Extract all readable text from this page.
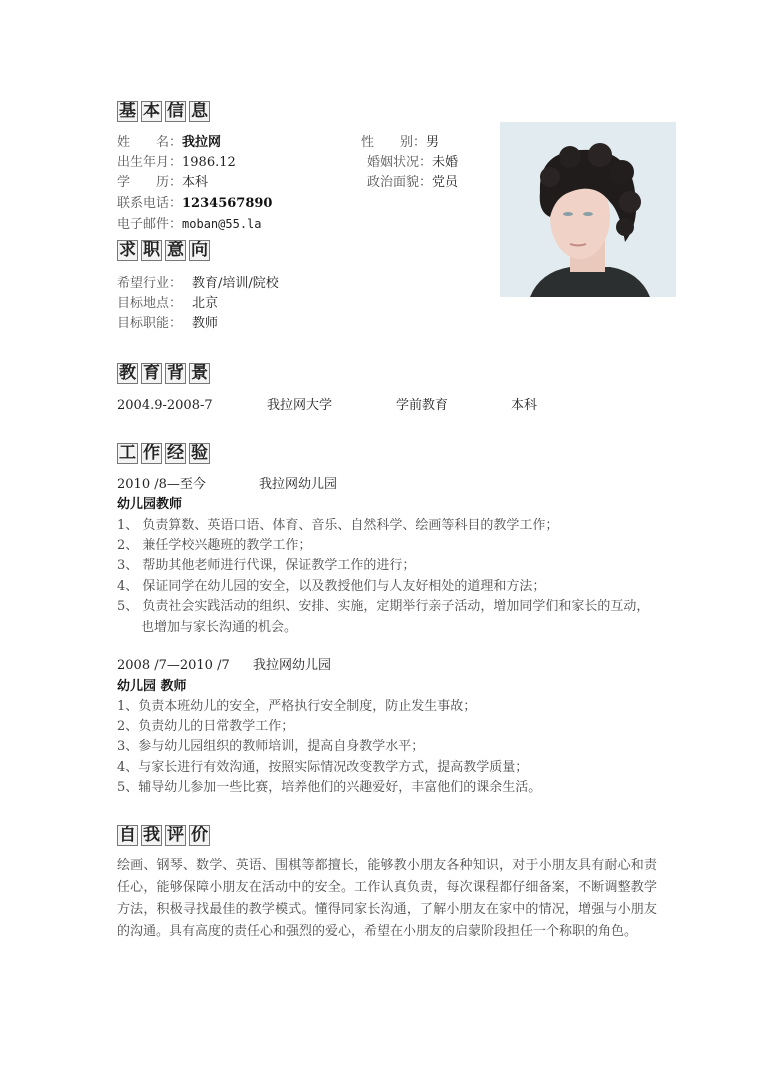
基 本 信 息
姓　　名：我拉网	性　　别：男
出生年月：1986.12	婚姻状况：未婚
学　　历：本科	政治面貌：党员
联系电话：1234567890
电子邮件：moban@55.la
求 职 意 向
希望行业： 教育/培训/院校
目标地点： 北京
目标职能： 教师
教 育 背 景
2004.9-2008-7	我拉网大学	学前教育	本科
工 作 经 验
2010 /8—至今	我拉网幼儿园
幼儿园教师
1、 负责算数、英语口语、体育、音乐、自然科学、绘画等科目的教学工作；
2、 兼任学校兴趣班的教学工作；
3、 帮助其他老师进行代课，保证教学工作的进行；
4、 保证同学在幼儿园的安全，以及教授他们与人友好相处的道理和方法；
5、 负责社会实践活动的组织、安排、实施，定期举行亲子活动，增加同学们和家长的互动，
也增加与家长沟通的机会。
2008 /7—2010 /7 我拉网幼儿园
幼儿园 教师
1、负责本班幼儿的安全，严格执行安全制度，防止发生事故；
2、负责幼儿的日常教学工作；
3、参与幼儿园组织的教师培训，提高自身教学水平；
4、与家长进行有效沟通，按照实际情况改变教学方式，提高教学质量；
5、辅导幼儿参加一些比赛，培养他们的兴趣爱好，丰富他们的课余生活。
自 我 评 价
绘画、钢琴、数学、英语、围棋等都擅长，能够教小朋友各种知识，对于小朋友具有耐心和责任心，能够保障小朋友在活动中的安全。工作认真负责，每次课程都仔细备案，不断调整教学方法，积极寻找最佳的教学模式。懂得同家长沟通，了解小朋友在家中的情况，增强与小朋友的沟通。具有高度的责任心和强烈的爱心，希望在小朋友的启蒙阶段担任一个称职的角色。
